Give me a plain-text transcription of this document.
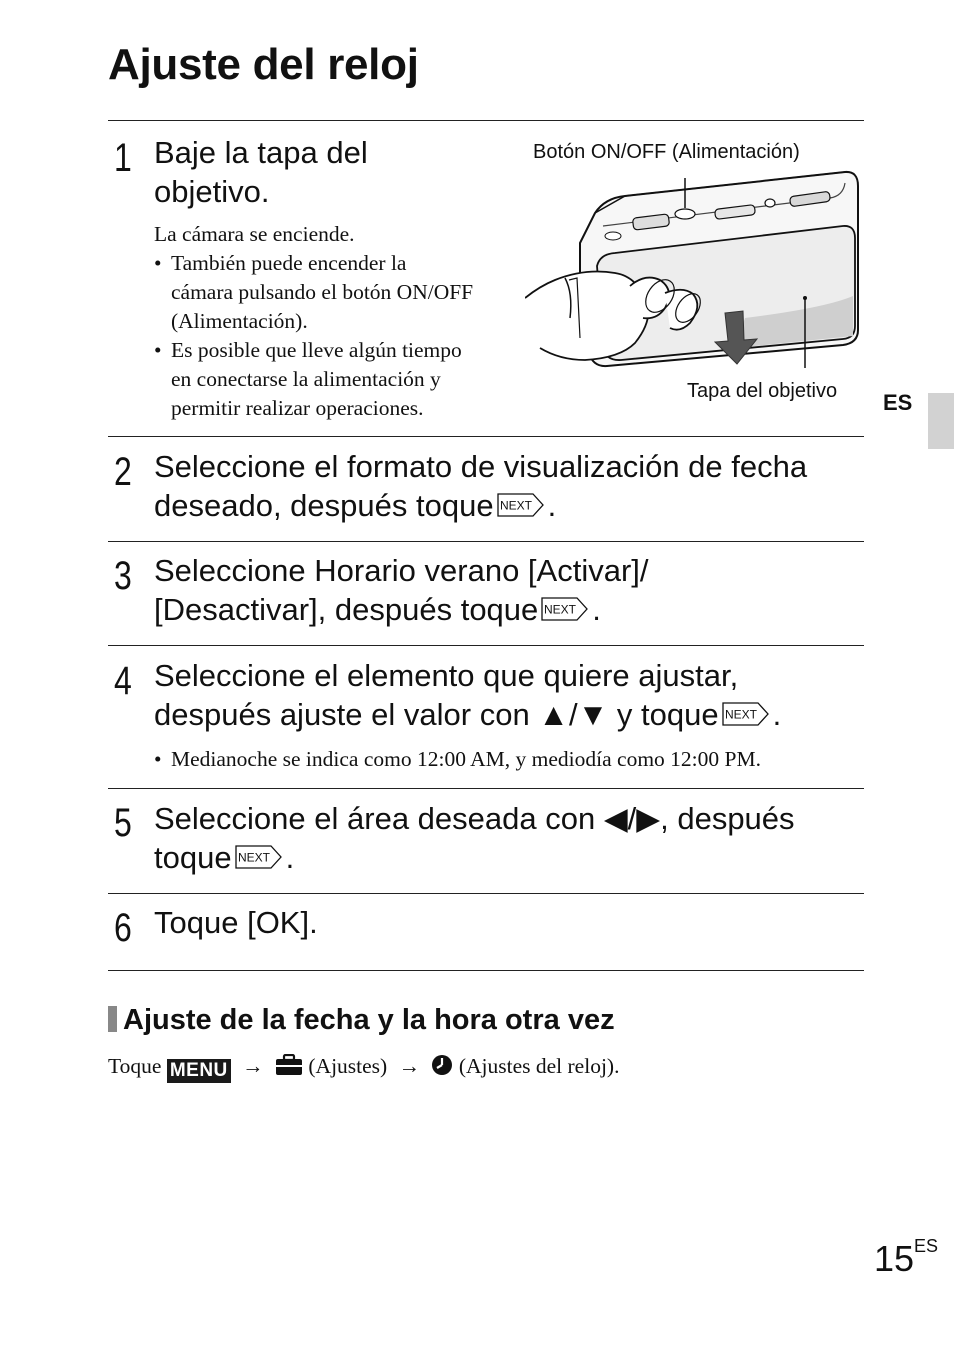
Ajuste del reloj
1 Baje la tapa del
objetivo.
La cámara se enciende.
• También puede encender la
cámara pulsando el botón ON/OFF
(Alimentación).
• Es posible que lleve algún tiempo
en conectarse la alimentación y
permitir realizar operaciones.
Botón ON/OFF (Alimentación)
Tapa del objetivo
2 Seleccione el formato de visualización de fecha
deseado, después toque NEXT .
3 Seleccione Horario verano [Activar]/
[Desactivar], después toque NEXT .
4 Seleccione el elemento que quiere ajustar,
después ajuste el valor con ▲/▼ y toque NEXT .
• Medianoche se indica como 12:00 AM, y mediodía como 12:00 PM.
5 Seleccione el área deseada con ◀/▶, después
toque NEXT .
6 Toque [OK].
ES
Ajuste de la fecha y la hora otra vez
Toque MENU → (Ajustes) → (Ajustes del reloj).
$15^{ES}$
